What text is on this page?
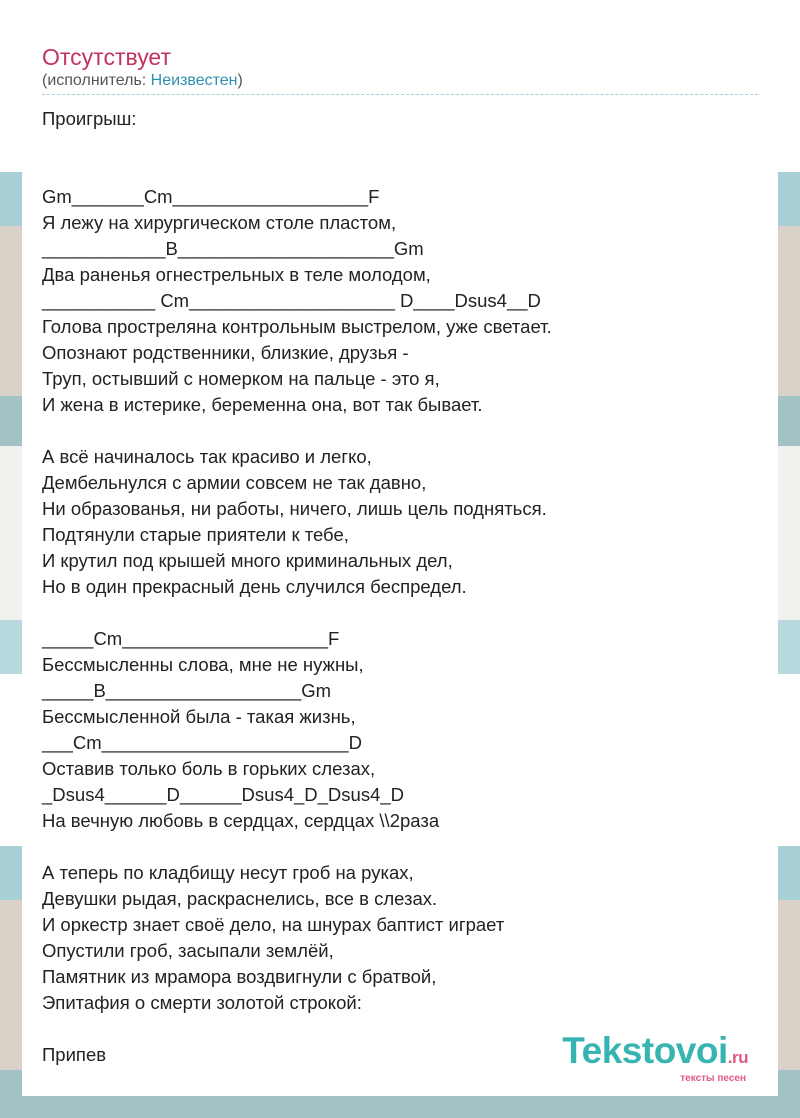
Отсутствует
(исполнитель: Неизвестен)
Проигрыш:
Gm_______Cm___________________F
Я лежу на хирургическом столе пластом,
____________B_____________________Gm
Два раненья огнестрельных в теле молодом,
___________ Cm____________________ D____Dsus4__D
Голова простреляна контрольным выстрелом, уже светает.
Опознают родственники, близкие, друзья -
Труп, остывший с номерком на пальце - это я,
И жена в истерике, беременна она, вот так бывает.
А всё начиналось так красиво и легко,
Дембельнулся с армии совсем не так давно,
Ни образованья, ни работы, ничего, лишь цель подняться.
Подтянули старые приятели к тебе,
И крутил под крышей много криминальных дел,
Но в один прекрасный день случился беспредел.
_____Cm____________________F
Бессмысленны слова, мне не нужны,
_____B___________________Gm
Бессмысленной была - такая жизнь,
___Cm________________________D
Оставив только боль в горьких слезах,
_Dsus4______D______Dsus4_D_Dsus4_D
На вечную любовь в сердцах, сердцах \\2раза
А теперь по кладбищу несут гроб на руках,
Девушки рыдая, раскраснелись, все в слезах.
И оркестр знает своё дело, на шнурах баптист играет
Опустили гроб, засыпали землёй,
Памятник из мрамора воздвигнули с братвой,
Эпитафия о смерти золотой строкой:
Припев	Tekstovoi.ru
тексты песен
